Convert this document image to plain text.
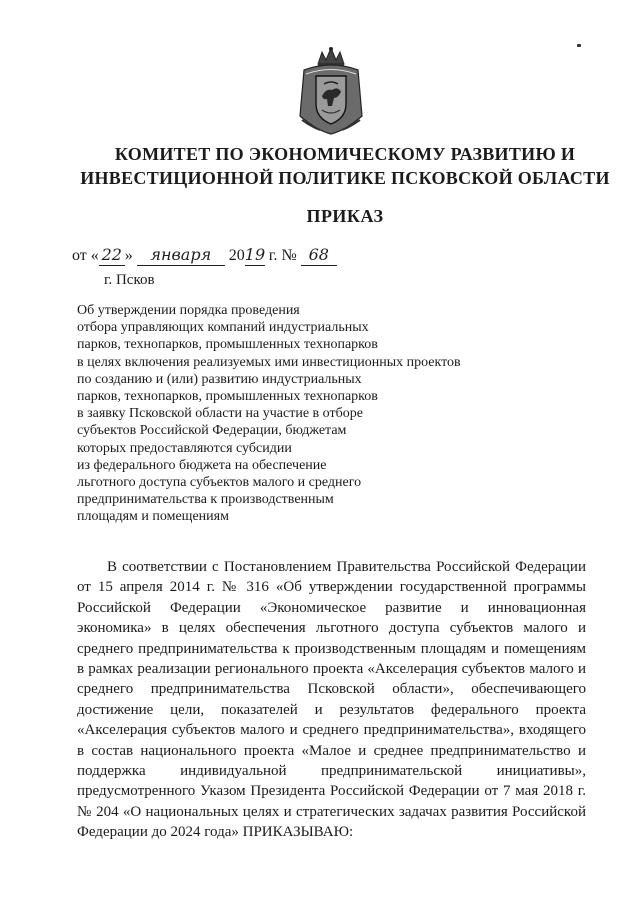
КОМИТЕТ ПО ЭКОНОМИЧЕСКОМУ РАЗВИТИЮ И
ИНВЕСТИЦИОННОЙ ПОЛИТИКЕ ПСКОВСКОЙ ОБЛАСТИ
ПРИКАЗ
от « 22 » января 2019 г. № 68
г. Псков
Об утверждении порядка проведения
отбора управляющих компаний индустриальных
парков, технопарков, промышленных технопарков
в целях включения реализуемых ими инвестиционных проектов
по созданию и (или) развитию индустриальных
парков, технопарков, промышленных технопарков
в заявку Псковской области на участие в отборе
субъектов Российской Федерации, бюджетам
которых предоставляются субсидии
из федерального бюджета на обеспечение
льготного доступа субъектов малого и среднего
предпринимательства к производственным
площадям и помещениям
В соответствии с Постановлением Правительства Российской Федерации
от 15 апреля 2014 г. № 316 «Об утверждении государственной программы
Российской Федерации «Экономическое развитие и инновационная
экономика» в целях обеспечения льготного доступа субъектов малого и
среднего предпринимательства к производственным площадям и помещениям
в рамках реализации регионального проекта «Акселерация субъектов малого и
среднего предпринимательства Псковской области», обеспечивающего
достижение цели, показателей и результатов федерального проекта
«Акселерация субъектов малого и среднего предпринимательства», входящего
в состав национального проекта «Малое и среднее предпринимательство и
поддержка индивидуальной предпринимательской инициативы»,
предусмотренного Указом Президента Российской Федерации от 7 мая 2018 г.
№ 204 «О национальных целях и стратегических задачах развития Российской
Федерации до 2024 года» ПРИКАЗЫВАЮ:
